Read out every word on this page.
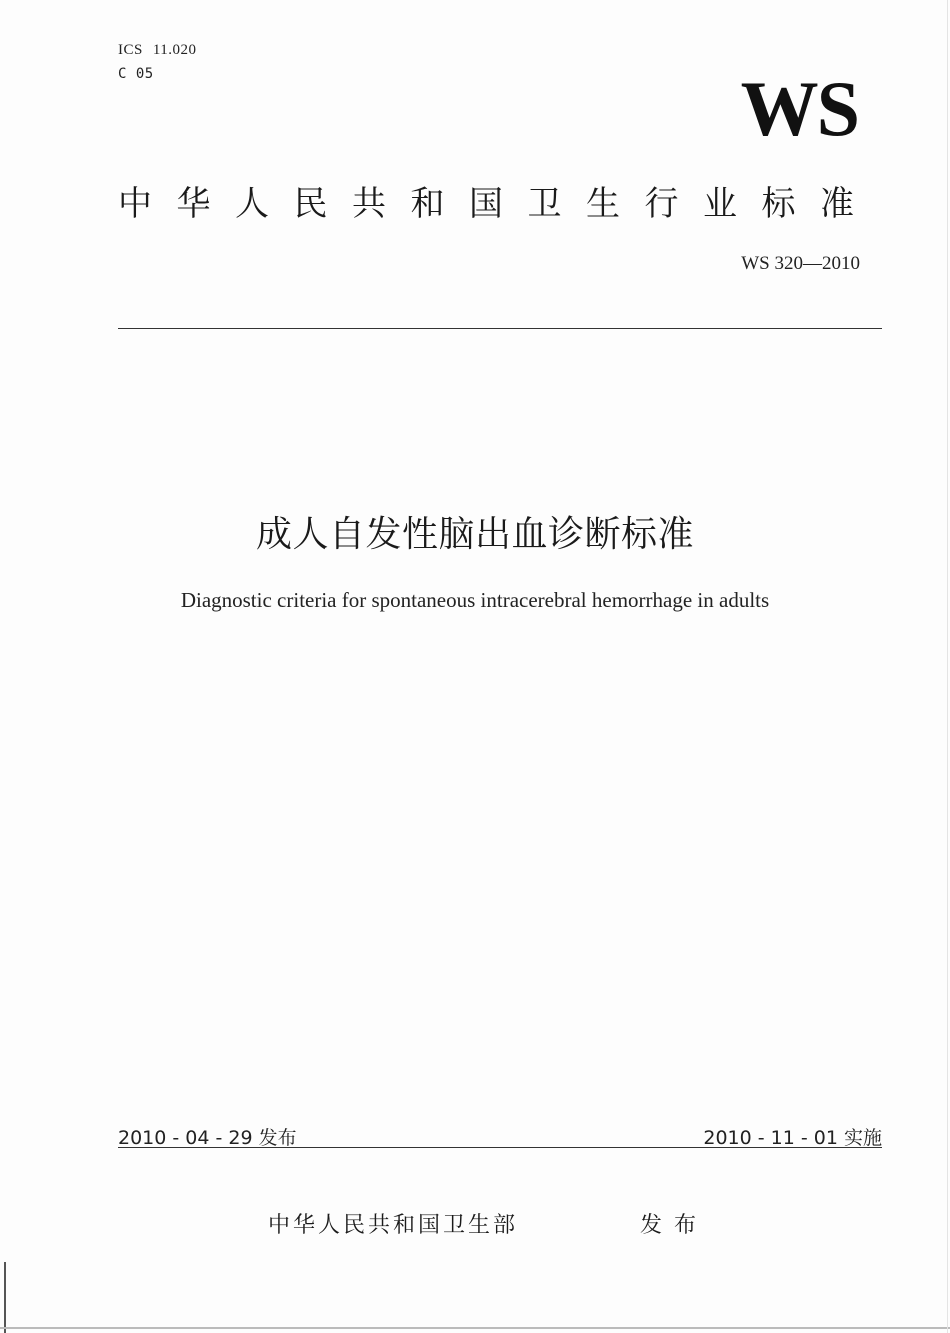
ICS 11.020
C 05	WS
中华人民共和国卫生行业标准
WS 320—2010
成人自发性脑出血诊断标准
Diagnostic criteria for spontaneous intracerebral hemorrhage in adults
2010 - 04 - 29 发布	2010 - 11 - 01 实施
中华人民共和国卫生部	发布
